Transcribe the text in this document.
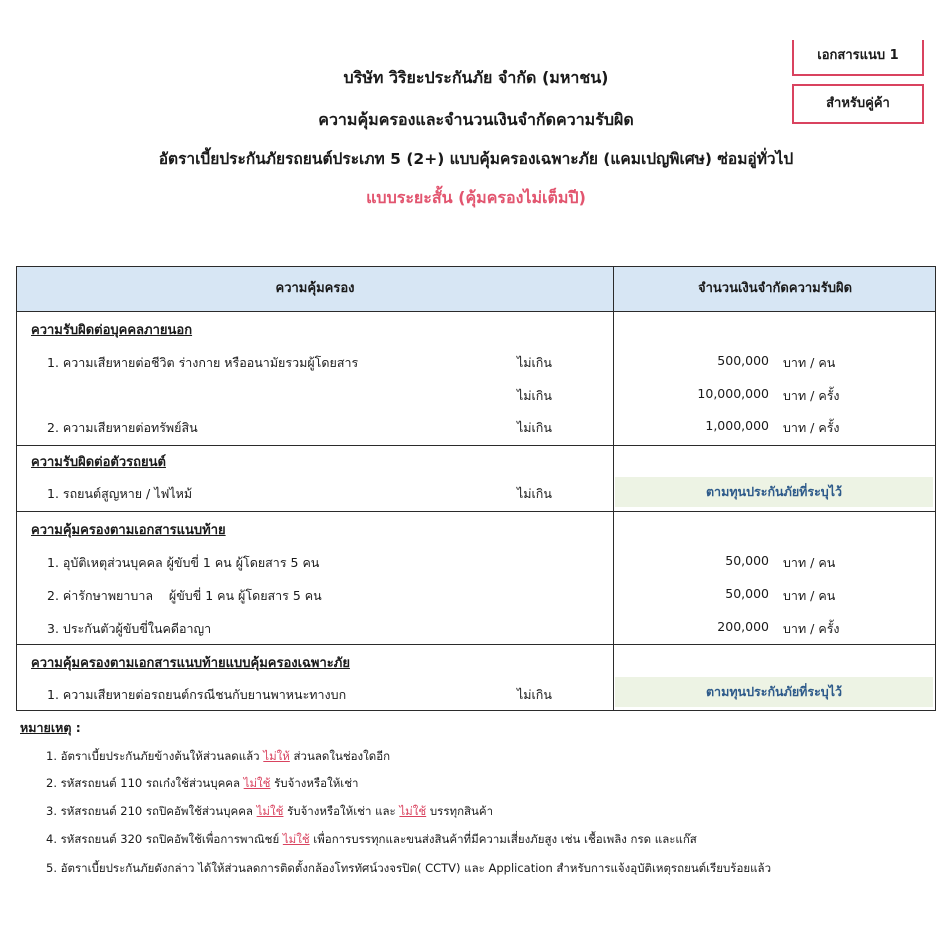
เอกสารแนบ 1
สำหรับคู่ค้า
บริษัท วิริยะประกันภัย จำกัด (มหาชน)
ความคุ้มครองและจำนวนเงินจำกัดความรับผิด
อัตราเบี้ยประกันภัยรถยนต์ประเภท 5 (2+) แบบคุ้มครองเฉพาะภัย (แคมเปญพิเศษ) ซ่อมอู่ทั่วไป
แบบระยะสั้น (คุ้มครองไม่เต็มปี)
ความคุ้มครอง	จำนวนเงินจำกัดความรับผิด
ความรับผิดต่อบุคคลภายนอก
1. ความเสียหายต่อชีวิต ร่างกาย หรืออนามัยรวมผู้โดยสาร	ไม่เกิน	500,000 บาท / คน
ไม่เกิน	10,000,000 บาท / ครั้ง
2. ความเสียหายต่อทรัพย์สิน	ไม่เกิน	1,000,000 บาท / ครั้ง
ความรับผิดต่อตัวรถยนต์
1. รถยนต์สูญหาย / ไฟไหม้	ไม่เกิน	ตามทุนประกันภัยที่ระบุไว้
ความคุ้มครองตามเอกสารแนบท้าย
1. อุบัติเหตุส่วนบุคคล ผู้ขับขี่ 1 คน ผู้โดยสาร 5 คน	50,000 บาท / คน
2. ค่ารักษาพยาบาล    ผู้ขับขี่ 1 คน ผู้โดยสาร 5 คน	50,000 บาท / คน
3. ประกันตัวผู้ขับขี่ในคดีอาญา	200,000 บาท / ครั้ง
ความคุ้มครองตามเอกสารแนบท้ายแบบคุ้มครองเฉพาะภัย
1. ความเสียหายต่อรถยนต์กรณีชนกับยานพาหนะทางบก	ไม่เกิน	ตามทุนประกันภัยที่ระบุไว้
หมายเหตุ :
1. อัตราเบี้ยประกันภัยข้างต้นให้ส่วนลดแล้ว ไม่ให้ ส่วนลดในช่องใดอีก
2. รหัสรถยนต์ 110 รถเก๋งใช้ส่วนบุคคล ไม่ใช้ รับจ้างหรือให้เช่า
3. รหัสรถยนต์ 210 รถปิคอัพใช้ส่วนบุคคล ไม่ใช้ รับจ้างหรือให้เช่า และ ไม่ใช้ บรรทุกสินค้า
4. รหัสรถยนต์ 320 รถปิคอัพใช้เพื่อการพาณิชย์ ไม่ใช้ เพื่อการบรรทุกและขนส่งสินค้าที่มีความเสี่ยงภัยสูง เช่น เชื้อเพลิง กรด และแก๊ส
5. อัตราเบี้ยประกันภัยดังกล่าว ได้ให้ส่วนลดการติดตั้งกล้องโทรทัศน์วงจรปิด( CCTV) และ Application สำหรับการแจ้งอุบัติเหตุรถยนต์เรียบร้อยแล้ว
